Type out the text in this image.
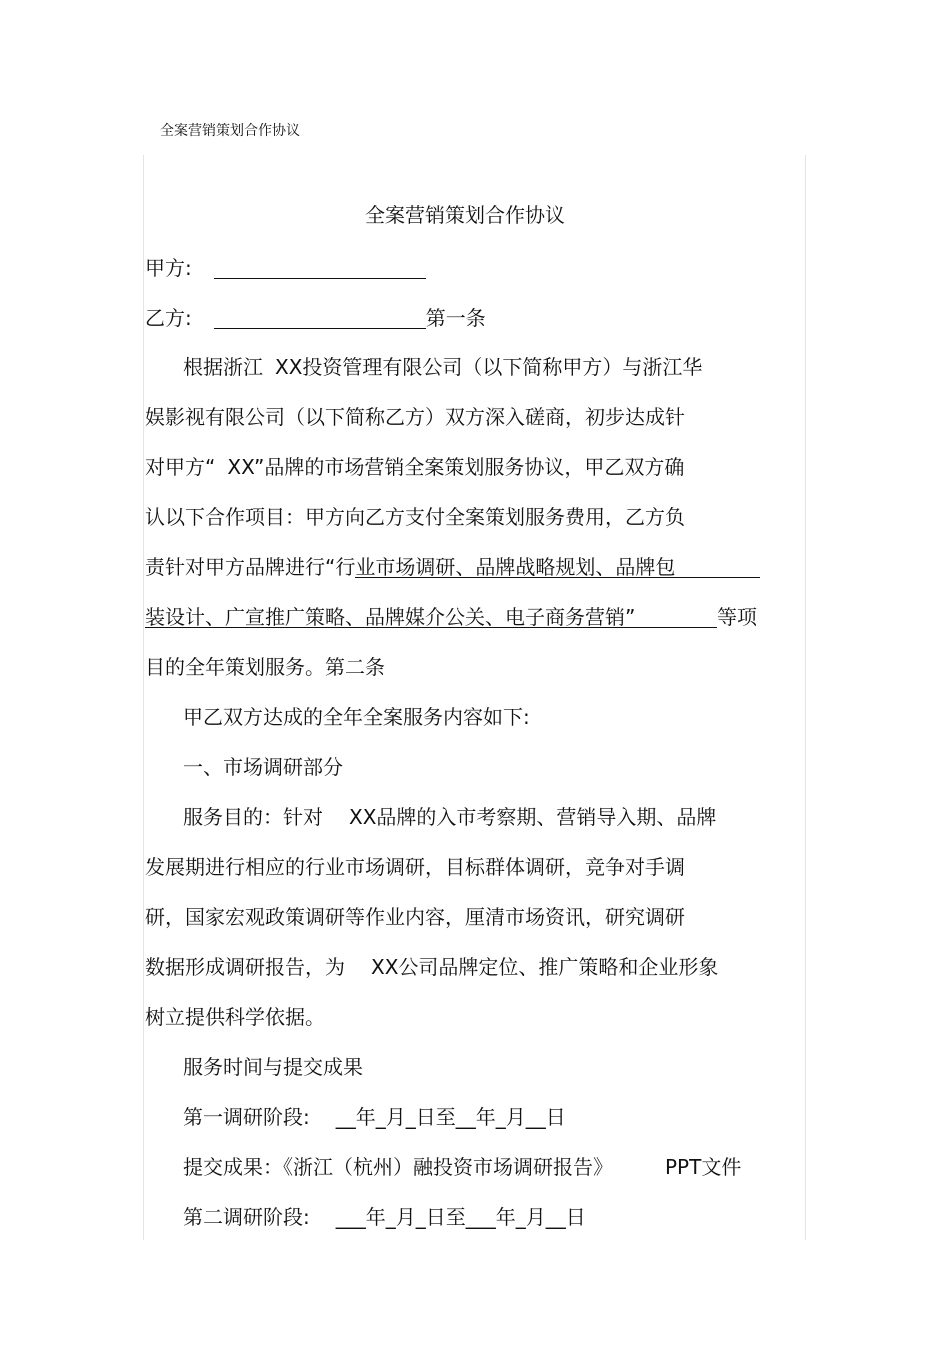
全案营销策划合作协议
全案营销策划合作协议
甲方:
乙方:	第一条
根据浙江 XX投资管理有限公司（以下简称甲方）与浙江华
娱影视有限公司（以下简称乙方）双方深入磋商，初步达成针
对甲方“ XX”品牌的市场营销全案策划服务协议，甲乙双方确
认以下合作项目：甲方向乙方支付全案策划服务费用，乙方负
责针对甲方品牌进行“行业市场调研、品牌战略规划、品牌包
装设计、广宣推广策略、品牌媒介公关、电子商务营销”	等项
目的全年策划服务。第二条
甲乙双方达成的全年全案服务内容如下:
一、市场调研部分
服务目的：针对 XX品牌的入市考察期、营销导入期、品牌
发展期进行相应的行业市场调研，目标群体调研，竞争对手调
研，国家宏观政策调研等作业内容，厘清市场资讯，研究调研
数据形成调研报告，为 XX公司品牌定位、推广策略和企业形象
树立提供科学依据。
服务时间与提交成果
第一调研阶段: __年_月_日至__年_月__日
提交成果：《浙江（杭州）融投资市场调研报告》	PPT文件
第二调研阶段: ___年_月_日至___年_月__日
